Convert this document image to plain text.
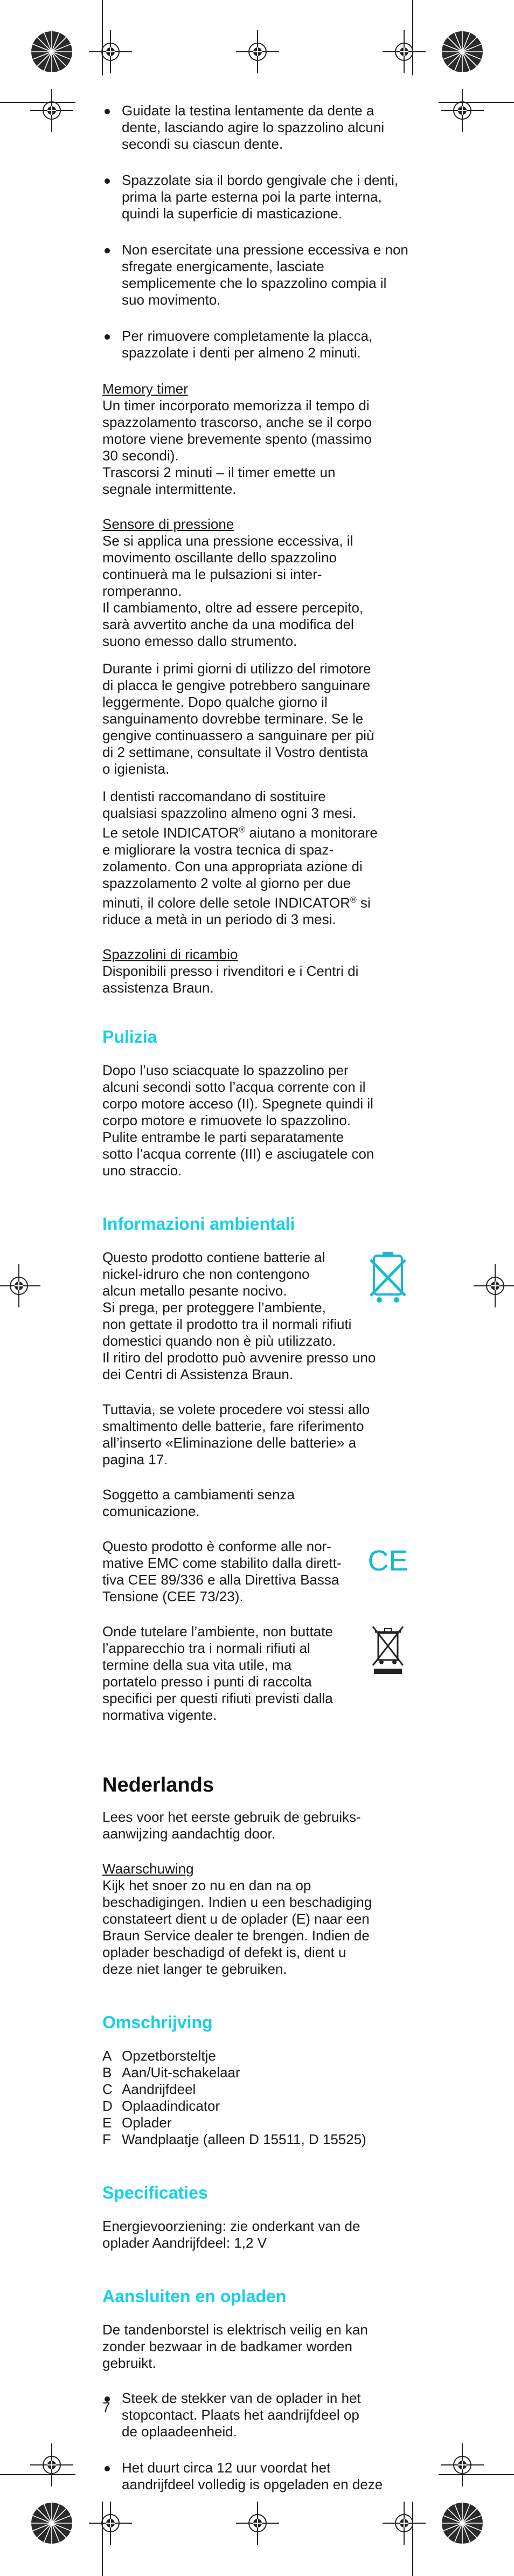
Guidate la testina lentamente da dente a dente, lasciando agire lo spazzolino alcuni secondi su ciascun dente.
Spazzolate sia il bordo gengivale che i denti, prima la parte esterna poi la parte interna, quindi la superficie di masticazione.
Non esercitate una pressione eccessiva e non sfregate energicamente, lasciate semplicemente che lo spazzolino compia il suo movimento.
Per rimuovere completamente la placca, spazzolate i denti per almeno 2 minuti.

Memory timer

Un timer incorporato memorizza il tempo di

spazzolamento trascorso, anche se il corpo

motore viene brevemente spento (massimo

30 secondi).

Trascorsi 2 minuti – il timer emette un

segnale intermittente.

Sensore di pressione

Se si applica una pressione eccessiva, il

movimento oscillante dello spazzolino

continuerà ma le pulsazioni si inter-

romperanno.

Il cambiamento, oltre ad essere percepito,

sarà avvertito anche da una modifica del

suono emesso dallo strumento.

Durante i primi giorni di utilizzo del rimotore

di placca le gengive potrebbero sanguinare

leggermente. Dopo qualche giorno il

sanguinamento dovrebbe terminare. Se le

gengive continuassero a sanguinare per più

di 2 settimane, consultate il Vostro dentista

o igienista.

I dentisti raccomandano di sostituire

qualsiasi spazzolino almeno ogni 3 mesi.

Le setole INDICATOR® aiutano a monitorare

e migliorare la vostra tecnica di spaz-

zolamento. Con una appropriata azione di

spazzolamento 2 volte al giorno per due

minuti, il colore delle setole INDICATOR® si

riduce a metà in un periodo di 3 mesi.

Spazzolini di ricambio

Disponibili presso i rivenditori e i Centri di

assistenza Braun.

Pulizia

Dopo l’uso sciacquate lo spazzolino per

alcuni secondi sotto l’acqua corrente con il

corpo motore acceso (II). Spegnete quindi il

corpo motore e rimuovete lo spazzolino.

Pulite entrambe le parti separatamente

sotto l’acqua corrente (III) e asciugatele con

uno straccio.

Informazioni ambientali

Questo prodotto contiene batterie al

nickel-idruro che non contengono

alcun metallo pesante nocivo.

Si prega, per proteggere l’ambiente,

non gettate il prodotto tra il normali rifiuti

domestici quando non è più utilizzato.

Il ritiro del prodotto può avvenire presso uno

dei Centri di Assistenza Braun.

Tuttavia, se volete procedere voi stessi allo

smaltimento delle batterie, fare riferimento

all’inserto «Eliminazione delle batterie» a

pagina 17.

Soggetto a cambiamenti senza

comunicazione.

CE

Questo prodotto è conforme alle nor-

mative EMC come stabilito dalla dirett-

tiva CEE 89/336 e alla Direttiva Bassa

Tensione (CEE 73/23).

Onde tutelare l’ambiente, non buttate

l’apparecchio tra i normali rifiuti al

termine della sua vita utile, ma

portatelo presso i punti di raccolta

specifici per questi rifiuti previsti dalla

normativa vigente.

Nederlands

Lees voor het eerste gebruik de gebruiks-

aanwijzing aandachtig door.

Waarschuwing

Kijk het snoer zo nu en dan na op

beschadigingen. Indien u een beschadiging

constateert dient u de oplader (E) naar een

Braun Service dealer te brengen. Indien de

oplader beschadigd of defekt is, dient u

deze niet langer te gebruiken.

Omschrijving
A Opzetborsteltje
B Aan/Uit-schakelaar
C Aandrijfdeel
D Oplaadindicator
E Oplader
F Wandplaatje (alleen D 15511, D 15525)
Specificaties

Energievoorziening: zie onderkant van de

oplader Aandrijfdeel: 1,2 V

Aansluiten en opladen

De tandenborstel is elektrisch veilig en kan

zonder bezwaar in de badkamer worden

gebruikt.

Steek de stekker van de oplader in het

stopcontact. Plaats het aandrijfdeel op

de oplaadeenheid.

Het duurt circa 12 uur voordat het

aandrijfdeel volledig is opgeladen en deze

7
